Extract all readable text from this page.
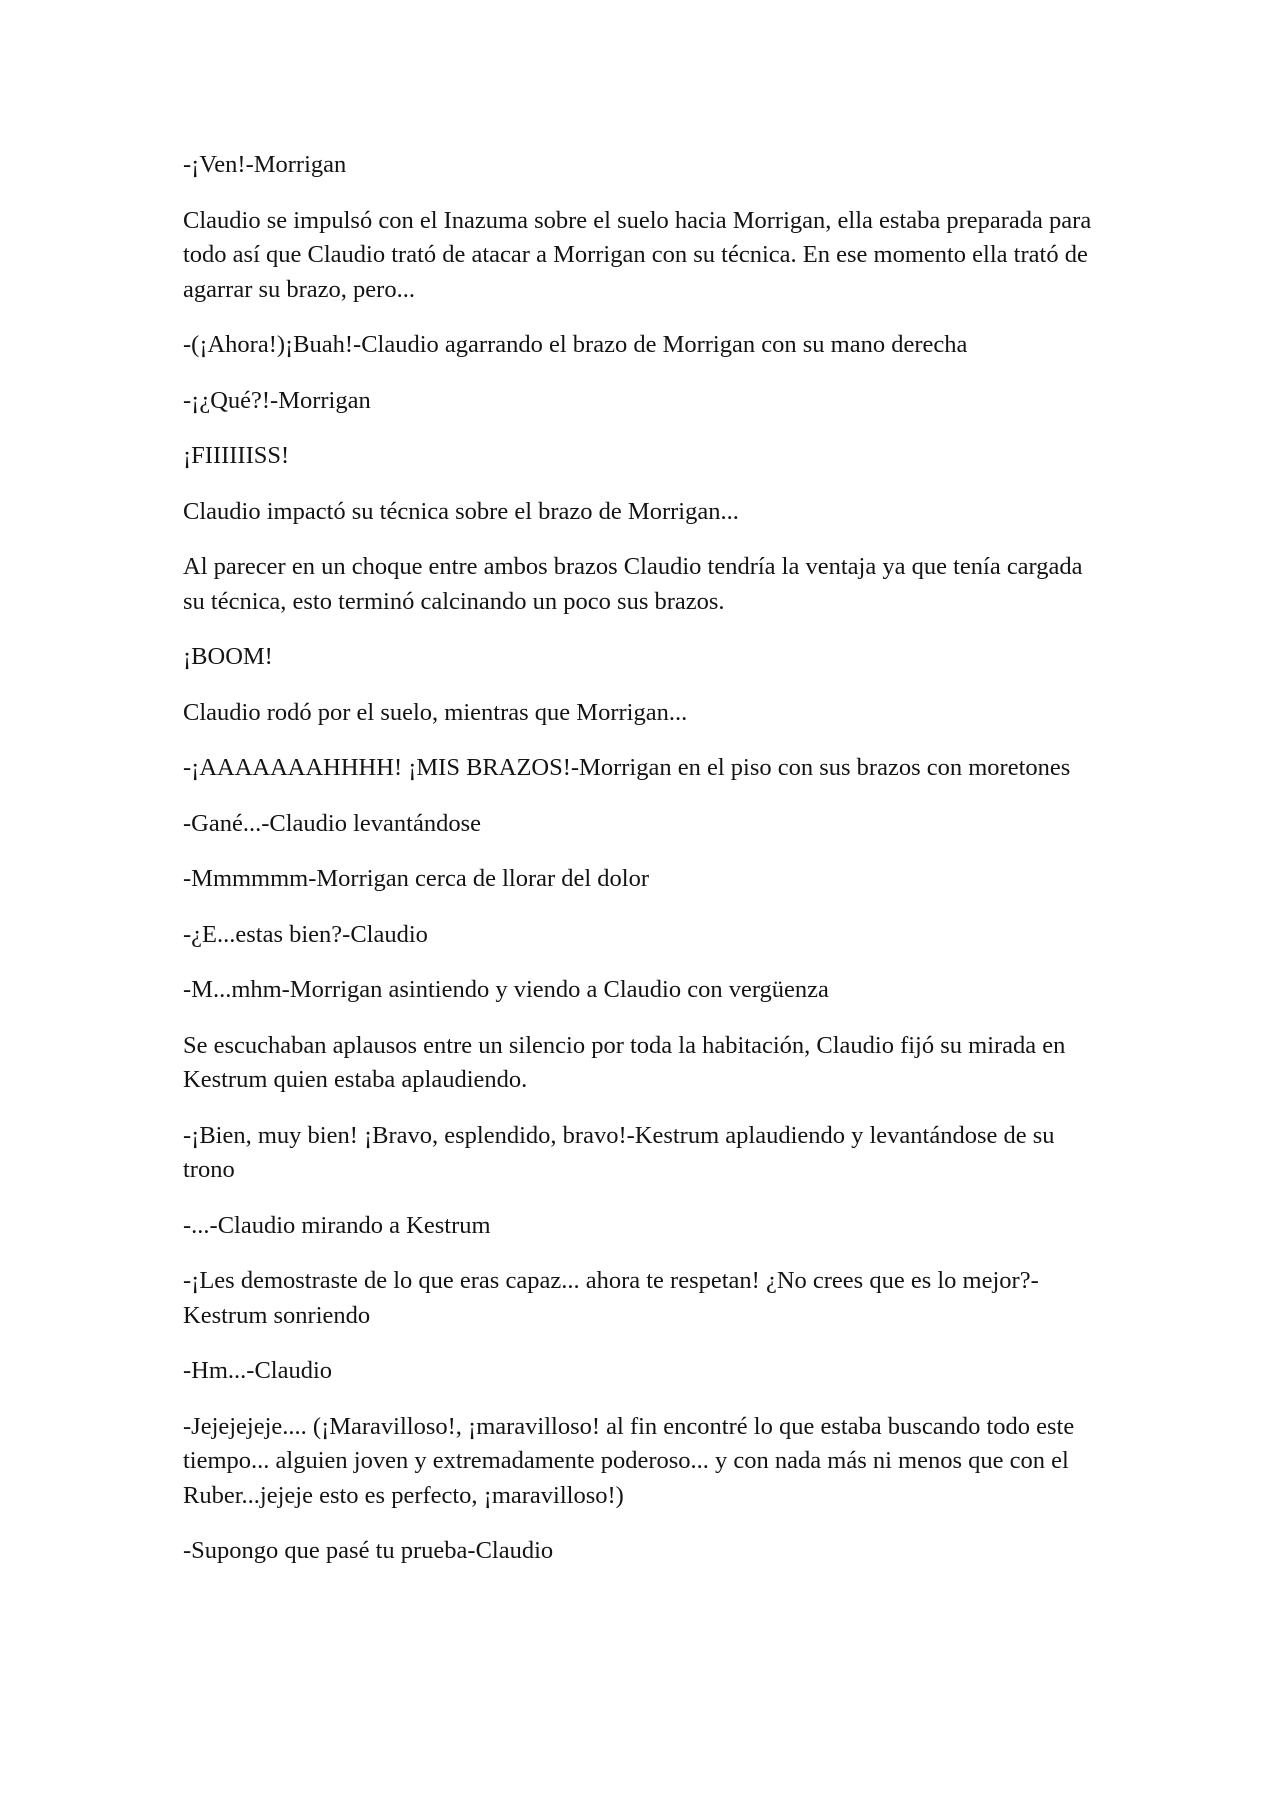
-¡Ven!-Morrigan

Claudio se impulsó con el Inazuma sobre el suelo hacia Morrigan, ella estaba preparada para todo así que Claudio trató de atacar a Morrigan con su técnica. En ese momento ella trató de agarrar su brazo, pero...

-(¡Ahora!)¡Buah!-Claudio agarrando el brazo de Morrigan con su mano derecha

-¡¿Qué?!-Morrigan

¡FIIIIIISS!

Claudio impactó su técnica sobre el brazo de Morrigan...

Al parecer en un choque entre ambos brazos Claudio tendría la ventaja ya que tenía cargada su técnica, esto terminó calcinando un poco sus brazos.

¡BOOM!

Claudio rodó por el suelo, mientras que Morrigan...

-¡AAAAAAAHHHH! ¡MIS BRAZOS!-Morrigan en el piso con sus brazos con moretones

-Gané...-Claudio levantándose

-Mmmmmm-Morrigan cerca de llorar del dolor

-¿E...estas bien?-Claudio

-M...mhm-Morrigan asintiendo y viendo a Claudio con vergüenza

Se escuchaban aplausos entre un silencio por toda la habitación, Claudio fijó su mirada en Kestrum quien estaba aplaudiendo.

-¡Bien, muy bien! ¡Bravo, esplendido, bravo!-Kestrum aplaudiendo y levantándose de su trono

-...-Claudio mirando a Kestrum

-¡Les demostraste de lo que eras capaz... ahora te respetan! ¿No crees que es lo mejor?-Kestrum sonriendo

-Hm...-Claudio

-Jejejejeje.... (¡Maravilloso!, ¡maravilloso! al fin encontré lo que estaba buscando todo este tiempo... alguien joven y extremadamente poderoso... y con nada más ni menos que con el Ruber...jejeje esto es perfecto, ¡maravilloso!)

-Supongo que pasé tu prueba-Claudio
